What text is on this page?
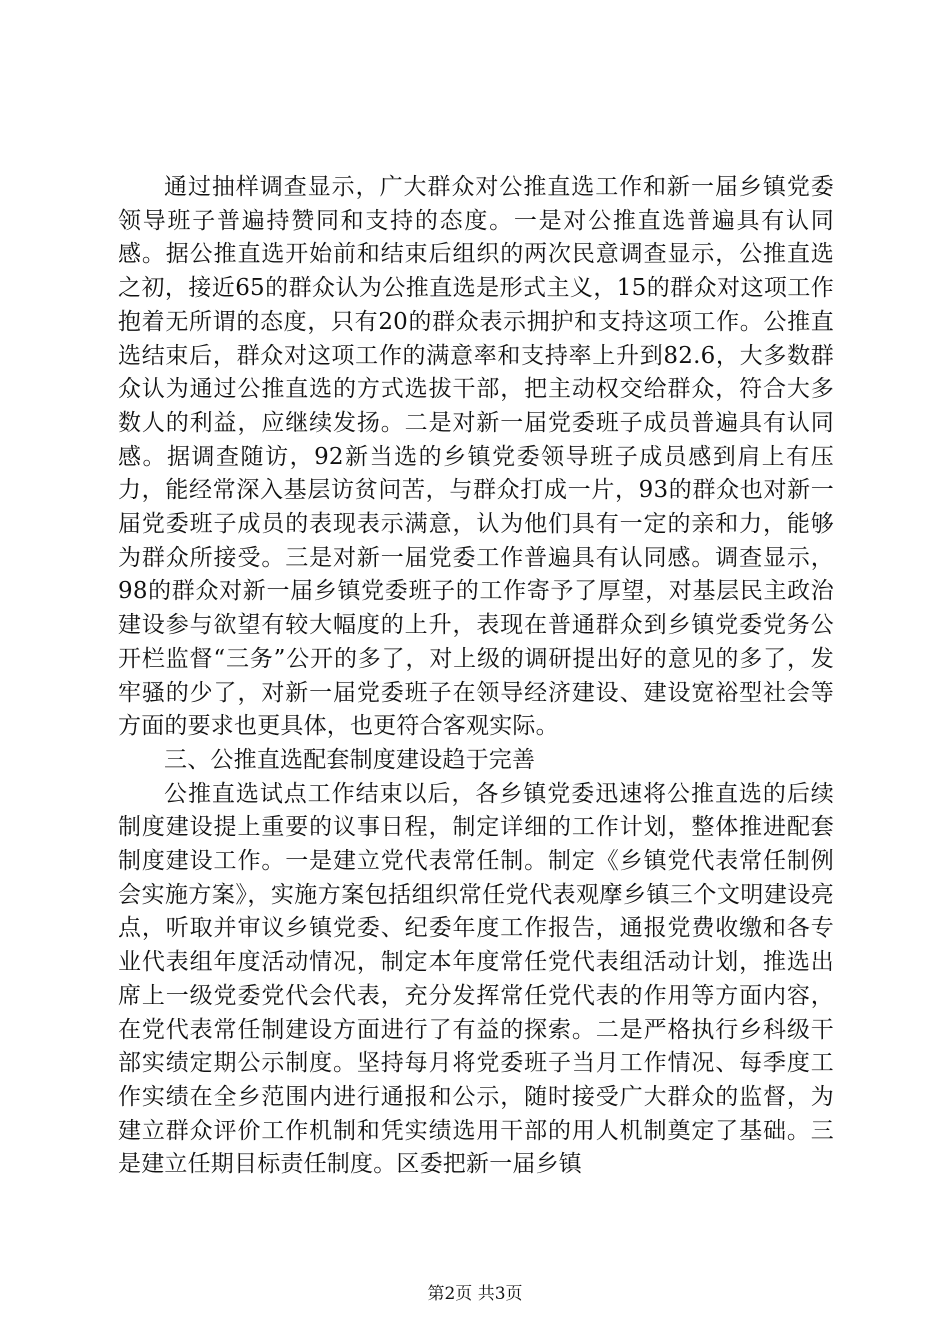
通过抽样调查显示，广大群众对公推直选工作和新一届乡镇党委领导班子普遍持赞同和支持的态度。一是对公推直选普遍具有认同感。据公推直选开始前和结束后组织的两次民意调查显示，公推直选之初，接近65的群众认为公推直选是形式主义，15的群众对这项工作抱着无所谓的态度，只有20的群众表示拥护和支持这项工作。公推直选结束后，群众对这项工作的满意率和支持率上升到82.6，大多数群众认为通过公推直选的方式选拔干部，把主动权交给群众，符合大多数人的利益，应继续发扬。二是对新一届党委班子成员普遍具有认同感。据调查随访，92新当选的乡镇党委领导班子成员感到肩上有压力，能经常深入基层访贫问苦，与群众打成一片，93的群众也对新一届党委班子成员的表现表示满意，认为他们具有一定的亲和力，能够为群众所接受。三是对新一届党委工作普遍具有认同感。调查显示，98的群众对新一届乡镇党委班子的工作寄予了厚望，对基层民主政治建设参与欲望有较大幅度的上升，表现在普通群众到乡镇党委党务公开栏监督“三务”公开的多了，对上级的调研提出好的意见的多了，发牢骚的少了，对新一届党委班子在领导经济建设、建设宽裕型社会等方面的要求也更具体，也更符合客观实际。

三、公推直选配套制度建设趋于完善

公推直选试点工作结束以后，各乡镇党委迅速将公推直选的后续制度建设提上重要的议事日程，制定详细的工作计划，整体推进配套制度建设工作。一是建立党代表常任制。制定《乡镇党代表常任制例会实施方案》，实施方案包括组织常任党代表观摩乡镇三个文明建设亮点，听取并审议乡镇党委、纪委年度工作报告，通报党费收缴和各专业代表组年度活动情况，制定本年度常任党代表组活动计划，推选出席上一级党委党代会代表，充分发挥常任党代表的作用等方面内容，在党代表常任制建设方面进行了有益的探索。二是严格执行乡科级干部实绩定期公示制度。坚持每月将党委班子当月工作情况、每季度工作实绩在全乡范围内进行通报和公示，随时接受广大群众的监督，为建立群众评价工作机制和凭实绩选用干部的用人机制奠定了基础。三是建立任期目标责任制度。区委把新一届乡镇

第2页 共3页
